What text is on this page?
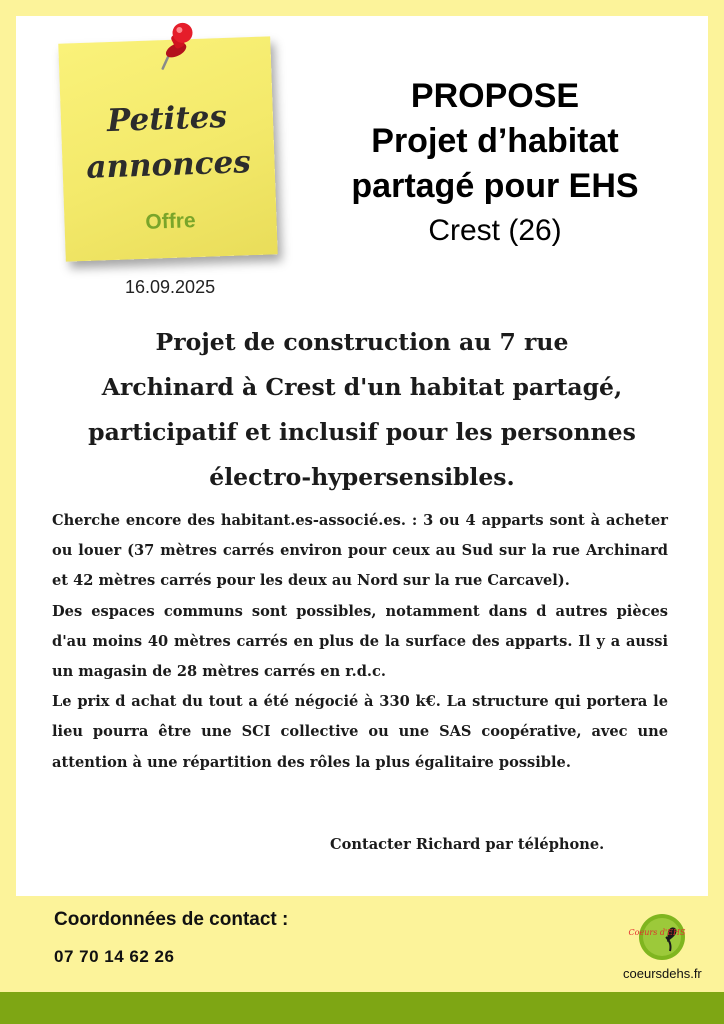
Petites
annonces
Offre
16.09.2025
PROPOSE
Projet d’habitat
partagé pour EHS
Crest (26)
Projet de construction au 7 rue
Archinard à Crest d'un habitat partagé,
participatif et inclusif pour les personnes
électro-hypersensibles.

Cherche encore des habitant.es-associé.es. : 3 ou 4 apparts sont à acheter ou louer (37 mètres carrés environ pour ceux au Sud sur la rue Archinard et 42 mètres carrés pour les deux au Nord sur la rue Carcavel).

Des espaces communs sont possibles, notamment dans d autres pièces d'au moins 40 mètres carrés en plus de la surface des apparts. Il y a aussi un magasin de 28 mètres carrés en r.d.c.

Le prix d achat du tout a été négocié à 330 k€. La structure qui portera le lieu pourra être une SCI collective ou une SAS coopérative, avec une attention à une répartition des rôles la plus égalitaire possible.

Contacter Richard par téléphone.
Coordonnées de contact :
07 70 14 62 26
Coeurs d'EHS
coeursdehs.fr
